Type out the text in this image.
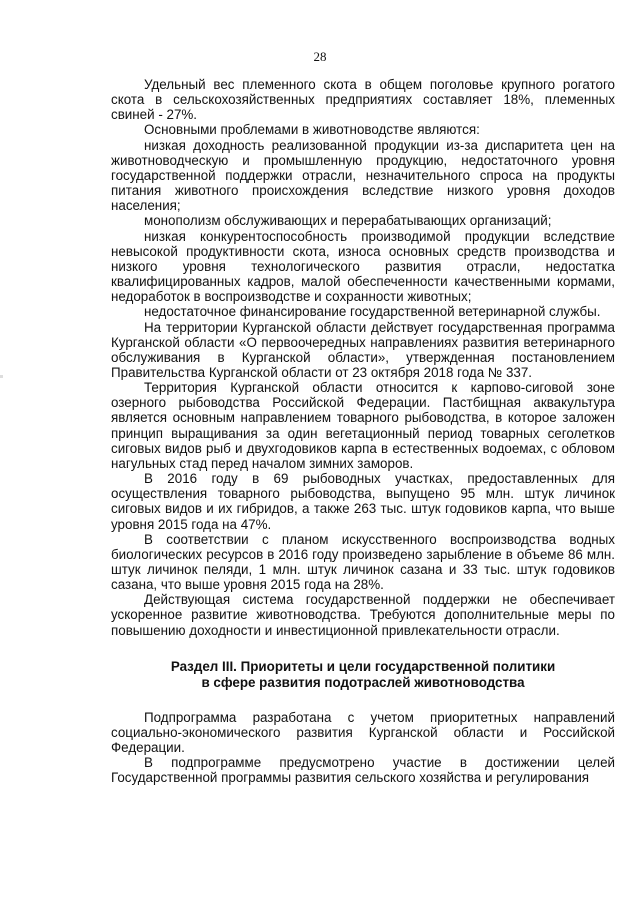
28

Удельный вес племенного скота в общем поголовье крупного рогатого скота в сельскохозяйственных предприятиях составляет 18%, племенных свиней - 27%.

Основными проблемами в животноводстве являются:

низкая доходность реализованной продукции из-за диспаритета цен на животноводческую и промышленную продукцию, недостаточного уровня государственной поддержки отрасли, незначительного спроса на продукты питания животного происхождения вследствие низкого уровня доходов населения;

монополизм обслуживающих и перерабатывающих организаций;

низкая конкурентоспособность производимой продукции вследствие невысокой продуктивности скота, износа основных средств производства и низкого уровня технологического развития отрасли, недостатка квалифицированных кадров, малой обеспеченности качественными кормами, недоработок в воспроизводстве и сохранности животных;

недостаточное финансирование государственной ветеринарной службы.

На территории Курганской области действует государственная программа Курганской области «О первоочередных направлениях развития ветеринарного обслуживания в Курганской области», утвержденная постановлением Правительства Курганской области от 23 октября 2018 года № 337.

Территория Курганской области относится к карпово-сиговой зоне озерного рыбоводства Российской Федерации. Пастбищная аквакультура является основным направлением товарного рыбоводства, в которое заложен принцип выращивания за один вегетационный период товарных сеголетков сиговых видов рыб и двухгодовиков карпа в естественных водоемах, с обловом нагульных стад перед началом зимних заморов.

В 2016 году в 69 рыбоводных участках, предоставленных для осуществления товарного рыбоводства, выпущено 95 млн. штук личинок сиговых видов и их гибридов, а также 263 тыс. штук годовиков карпа, что выше уровня 2015 года на 47%.

В соответствии с планом искусственного воспроизводства водных биологических ресурсов в 2016 году произведено зарыбление в объеме 86 млн. штук личинок пеляди, 1 млн. штук личинок сазана и 33 тыс. штук годовиков сазана, что выше уровня 2015 года на 28%.

Действующая система государственной поддержки не обеспечивает ускоренное развитие животноводства. Требуются дополнительные меры по повышению доходности и инвестиционной привлекательности отрасли.

Раздел III. Приоритеты и цели государственной политики
в сфере развития подотраслей животноводства

Подпрограмма разработана с учетом приоритетных направлений социально-экономического развития Курганской области и Российской Федерации.

В подпрограмме предусмотрено участие в достижении целей Государственной программы развития сельского хозяйства и регулирования
